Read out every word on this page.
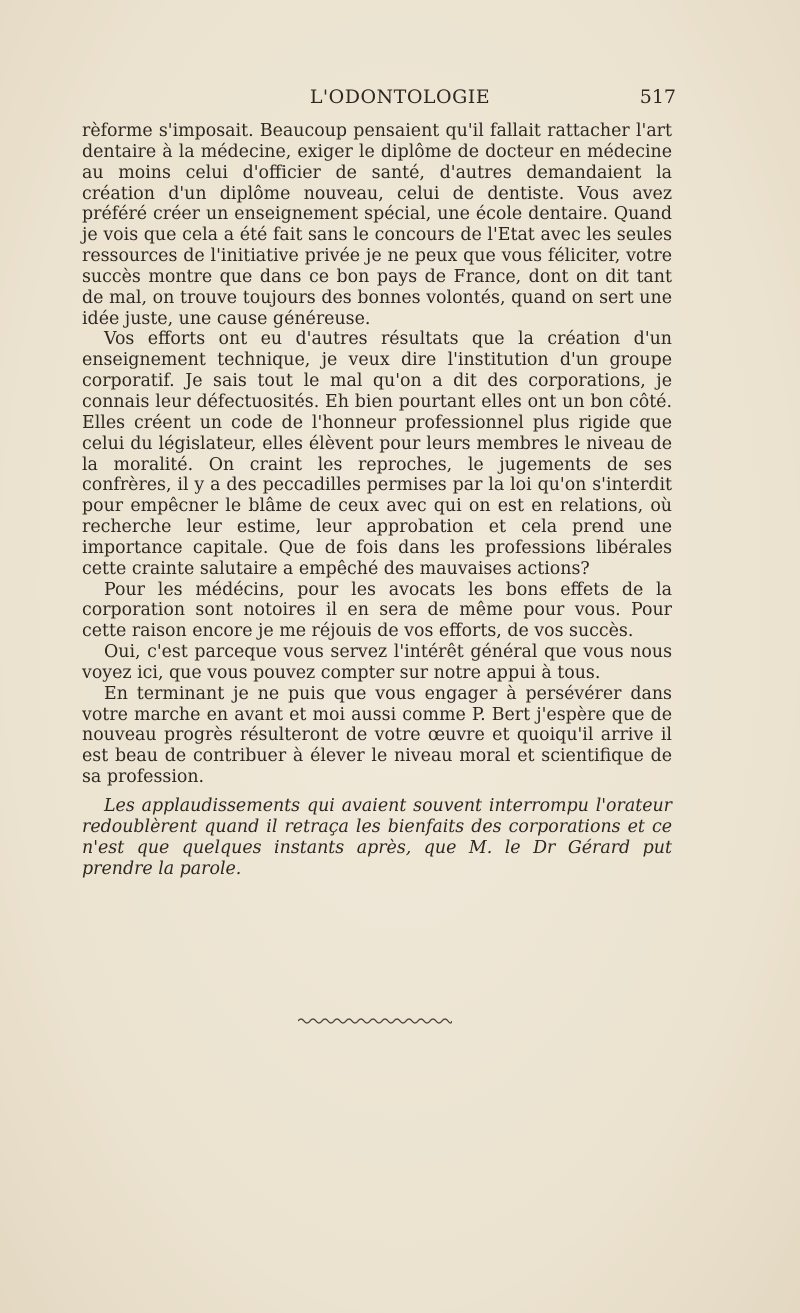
L'ODONTOLOGIE	517

rèforme s'imposait. Beaucoup pensaient qu'il fallait rattacher l'art dentaire à la médecine, exiger le diplôme de docteur en médecine au moins celui d'officier de santé, d'autres demandaient la création d'un diplôme nouveau, celui de dentiste. Vous avez préféré créer un enseignement spécial, une école dentaire. Quand je vois que cela a été fait sans le concours de l'Etat avec les seules ressources de l'initiative privée je ne peux que vous féliciter, votre succès montre que dans ce bon pays de France, dont on dit tant de mal, on trouve toujours des bonnes volontés, quand on sert une idée juste, une cause généreuse.

Vos efforts ont eu d'autres résultats que la création d'un enseignement technique, je veux dire l'institution d'un groupe corporatif. Je sais tout le mal qu'on a dit des corporations, je connais leur défectuosités. Eh bien pourtant elles ont un bon côté. Elles créent un code de l'honneur professionnel plus rigide que celui du législateur, elles élèvent pour leurs membres le niveau de la moralité. On craint les reproches, le jugements de ses confrères, il y a des peccadilles permises par la loi qu'on s'interdit pour empêcner le blâme de ceux avec qui on est en relations, où recherche leur estime, leur approbation et cela prend une importance capitale. Que de fois dans les professions libérales cette crainte salutaire a empêché des mauvaises actions?

Pour les médécins, pour les avocats les bons effets de la corporation sont notoires il en sera de même pour vous. Pour cette raison encore je me réjouis de vos efforts, de vos succès.

Oui, c'est parceque vous servez l'intérêt général que vous nous voyez ici, que vous pouvez compter sur notre appui à tous.

En terminant je ne puis que vous engager à persévérer dans votre marche en avant et moi aussi comme P. Bert j'espère que de nouveau progrès résulteront de votre œuvre et quoiqu'il arrive il est beau de contribuer à élever le niveau moral et scientifique de sa profession.

Les applaudissements qui avaient souvent interrompu l'orateur redoublèrent quand il retraça les bienfaits des corporations et ce n'est que quelques instants après, que M. le Dr Gérard put prendre la parole.
